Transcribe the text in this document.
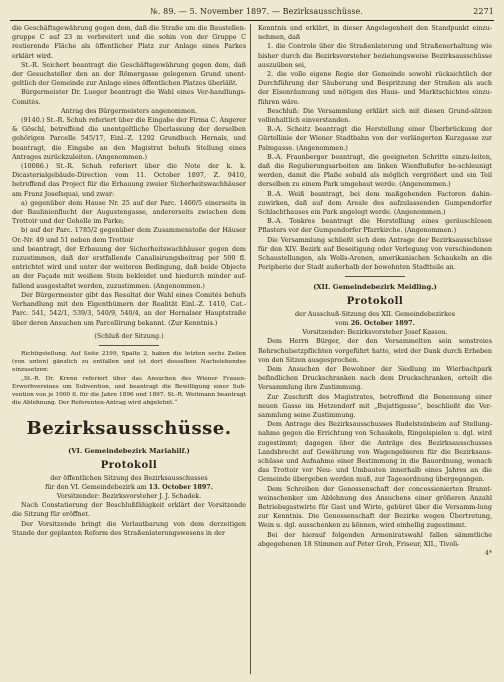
№. 89. — 5. November 1897. — Bezirksausschüsse.	2271

die Geschäftsgewährung gegen dem, daß die Straße um die Baustellen-gruppe C auf 23 m verbreitert und die sohin von der Gruppe C restierende Fläche als öffentlicher Platz zur Anlage eines Parkes erklärt wird.

St.-R. Seichert beantragt die Geschäftsgewährung gegen dem, daß der Gesuchsteller den an der Römergasse gelegenen Grund unent-geltlich der Gemeinde zur Anlage eines öffentlichen Platzes überläßt.

Bürgermeister Dr. Lueger beantragt die Wahl eines Ver-handlungs-Comités.

Antrag des Bürgermeisters angenommen.

(9140.) St.-R. Schuh referiert über die Eingabe der Firma C. Angerer & Göschl, betreffend die unentgeltliche Überlassung der derselben gehörigen Parcelle 545/17, Einl.-Z. 1292 Grundbuch Hernals, und beantragt, die Eingabe an den Magistrat behufs Stellung eines Antrages zurückzuleiten. (Angenommen.)

(10086.) St.-R. Schuh referiert über die Note der k. k. Dicasterialgebäude-Direction vom 11. October 1897, Z. 9410, betreffend das Project für die Erbauung zweier Sicherheitswachhäuser am Franz Josefsquai, und zwar:

a) gegenüber dem Hause Nr. 25 auf der Parc. 1460/5 einerseits in der Baulinienflucht der Augustengasse, andererseits zwischen dem Trottoir und der Geholle im Parke;

b) auf der Parc. 1785/2 gegenüber dem Zusammenstoße der Häuser Or.-Nr. 49 und 51 neben dem Trottoir

und beantragt, der Erbauung der Sicherheitswachhäuser gegen dem zuzustimmen, daß der erstfallende Canalisirungsbeitrag per 500 fl. entrichtet wird und unter der weiteren Bedingung, daß beide Objecte an der Façade mit weißem Stein bekleidet und hiedurch minder auf-fallend ausgestaltet werden, zuzustimmen. (Angenommen.)

Der Bürgermeister gibt das Resultat der Wahl eines Comités behufs Verhandlung mit den Eigenthümern der Realität Einl.-Z. 1410, Cat.-Parc. 541, 542/1, 539/3, 540/9, 540/4, an der Hernalser Hauptstraße über deren Ansuchen um Parcellirung bekannt. (Zur Kenntnis.)

(Schluß der Sitzung.)

Richtigstellung. Auf Seite 2199, Spalte 2, haben die letzten sechs Zeilen (von unten) gänzlich zu entfallen und ist dort desselben Nachstehendes einzusetzen:

„St.-R. Dr. Krenn referiert über das Ansuchen des Wiener Frauen-Erwerbvereines um Subvention, und beantragt die Bewilligung einer Sub-vention von je 1000 fl. für die Jahre 1896 und 1897. St.-R. Weitmann beantragt die Ablehnung. Der Referenten-Antrag wird abgelehnt.“

Bezirksausschüsse.
(VI. Gemeindebezirk Mariahilf.)
Protokoll
der öffentlichen Sitzung des Bezirksausschusses
für den VI. Gemeindebezirk am 13. October 1897.

Vorsitzender: Bezirksvorsteher J. J. Schadek.

Nach Constatierung der Beschlußfähigkeit erklärt der Vorsitzende die Sitzung für eröffnet.

Der Vorsitzende bringt die Verlautbarung von dem derzeitigen Stande der geplanten Reform des Straßenlaterungswesens in der

Kenntnis und erklärt, in dieser Angelegenheit den Standpunkt einzu-nehmen, daß

1. die Controle über die Straßenlaterung und Straßenerhaltung wie bisher durch die Bezirksvorsteher beziehungsweise Bezirksausschüsse auszuüben sei,

2. die volle eigene Regie der Gemeinde sowohl rücksichtlich der Durchführung der Säuberung und Bespritzung der Straßen als auch der Eisenräumung und nötigen des Haus- und Marktschichtes einzu-führen wäre.

Beschluß: Die Versammlung erklärt sich mit diesen Grund-sätzen vollinhaltlich einverstanden.

B.-A. Scheitz beantragt die Herstellung einer Überbrückung der Gürtellinie der Wiener Stadtbahn von der verlängerten Kurzgasse zur Palmgasse. (Angenommen.)

B.-A. Fraunberger beantragt, die geeigneten Schritte einzu-leiten, daß die Regulierungsarbeiten am linken Wienflußufer be-schleunigt werden, damit die Plaße sobald als möglich vergrößert und ein Teil derselben zu einem Park umgebaut werde. (Angenommen.)

B.-A. Weiß beantragt, bei dem maßgebenden Factoren dahin-zuwirken, daß auf dem Areale des aufzulassenden Gumpendorfer Schlachthauses ein Park angelegt werde. (Angenommen.)

B.-A. Tonkres beantragt die Herstellung eines geräuschlosen Pflasters vor der Gumpendorfer Pfarrkirche. (Angenommen.)

Die Versammlung schließt sich dem Antrage der Bezirksausschüsse für den XIV. Bezirk auf Beseitigung oder Verlegung von verschiedenen Schaustellungen, als Wolls-Arenen, amerikanischen Schaukeln an die Peripherie der Stadt außerhalb der bewohnten Stadtteile an.

(XII. Gemeindebezirk Meidling.)
Protokoll
der Ausschuß-Sitzung des XII. Gemeindebezirkes
vom 26. October 1897.

Vorsitzender: Bezirksvorsteher Josef Kassou.

Dem Herrn Bürger, der den Versammelten sein sonstreies Rehrschulsetzpflichten vorgeführt hatte, wird der Dank durch Erheben von den Sitzen ausgesprochen.

Dem Ansuchen der Bewohner der Siedlung im Wierbachpark befindlichen Druckschranken nach dem Druckschranken, erteilt die Versammlung ihre Zustimmung.

Zur Zuschrift des Magistrates, betreffend die Benennung einer neuen Gasse im Hetzendorf mit „Bujattigasse“, beschließt die Ver-sammlung seine Zustimmung.

Dem Antrage des Bezirksausschusses Rudelsteinbeim auf Stellung-nahme gegen die Errichtung von Schaukeln, Ringelspielen u. dgl. wird zugestimmt; dagegen über die Anträge des Bezirksausschusses Landsbrecht auf Gewährung von Wagengebieren für die Bezirksaus-schüsse und Aufnahme einer Bestimmung in die Bauordnung, wonach das Trottoir vor Neu- und Umbauten innerhalb eines Jahres an die Gemeinde übergeben werden muß, zur Tagesordnung übergegangen.

Dem Schreiben der Genossenschaft der concessionierten Brannt-weinschenker um Ablehnung des Ansuchens einer größeren Anzahl Betriebsgastwirte für Gast und Wirte, gebüret über die Versamm-lung zur Kenntnis. Die Genossenschaft der Bezirke wegen Übertretung, Wein u. dgl. ausschenken zu können, wird einhellig zugestimmt.

Bei der hierauf folgenden Armeniratswahl fallen sämmtliche abgegebenen 18 Stimmen auf Peter Groh, Friseur, XII., Tivoli-

4*
